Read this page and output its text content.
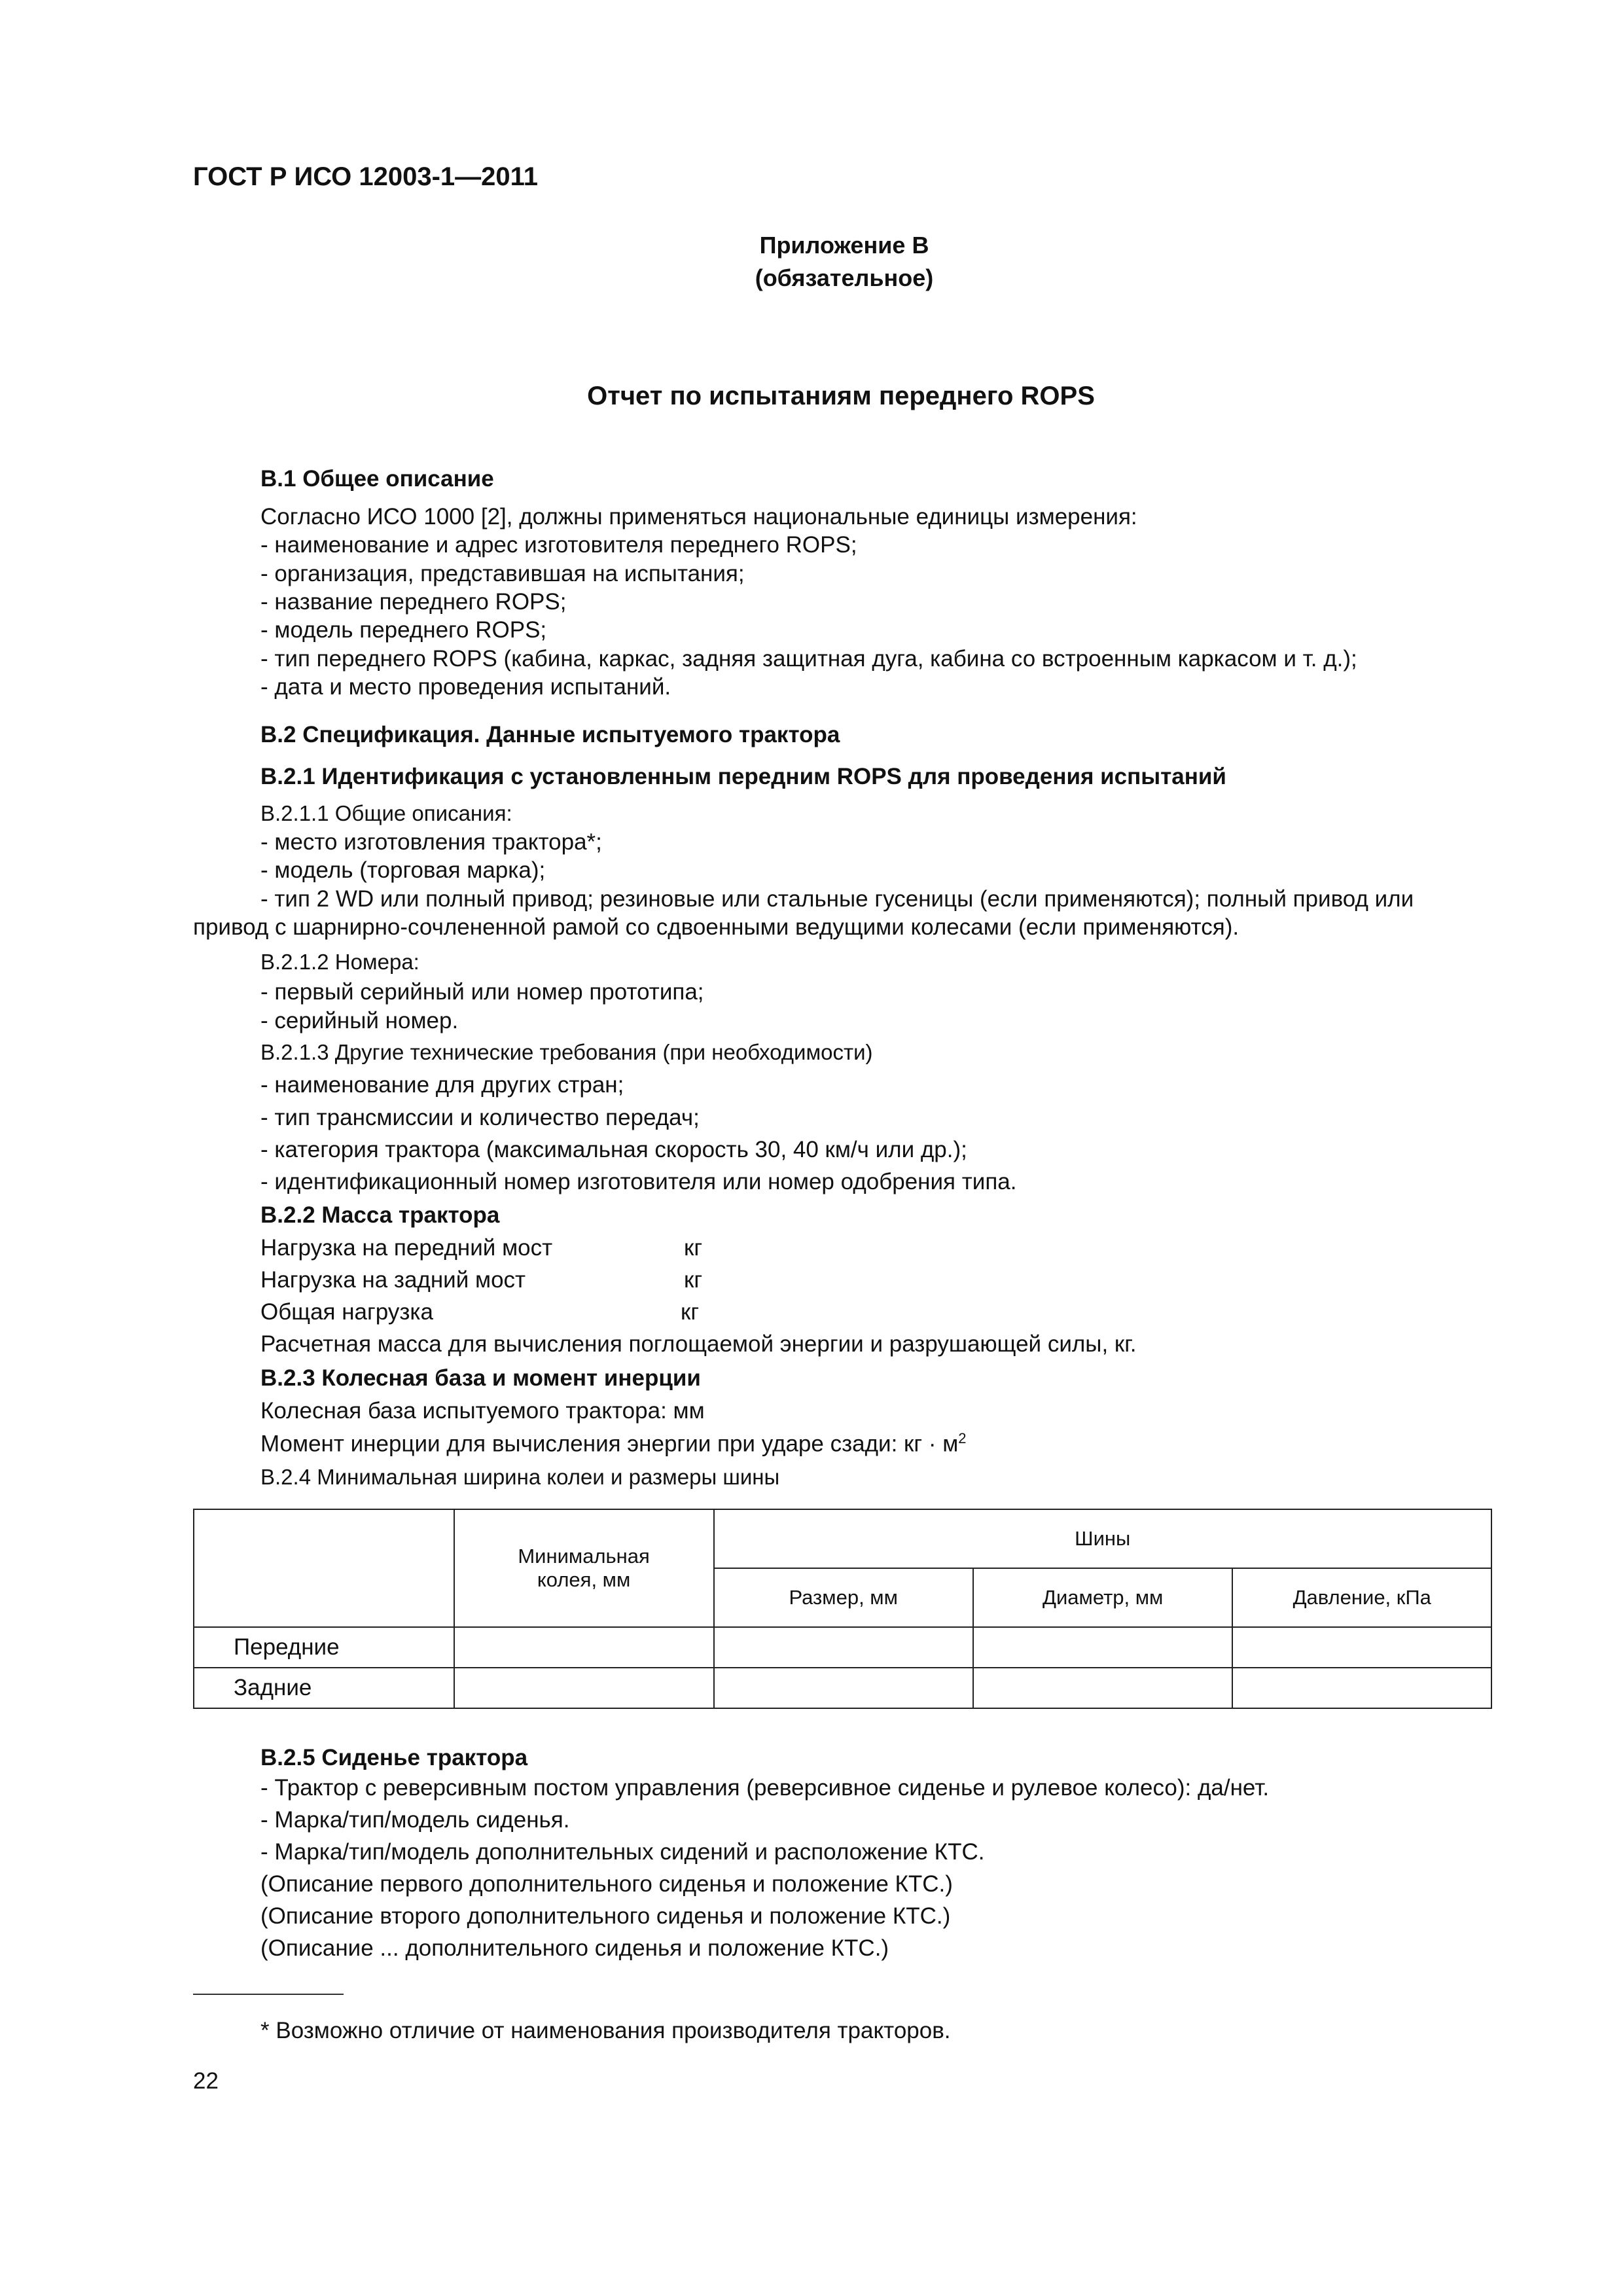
ГОСТ Р ИСО 12003-1—2011
Приложение В
(обязательное)
Отчет по испытаниям переднего ROPS
В.1 Общее описание
Согласно ИСО 1000 [2], должны применяться национальные единицы измерения:
- наименование и адрес изготовителя переднего ROPS;
- организация, представившая на испытания;
- название переднего ROPS;
- модель переднего ROPS;
- тип переднего ROPS (кабина, каркас, задняя защитная дуга, кабина со встроенным каркасом и т. д.);
- дата и место проведения испытаний.
В.2 Спецификация. Данные испытуемого трактора
В.2.1 Идентификация с установленным передним ROPS для проведения испытаний
В.2.1.1 Общие описания:
- место изготовления трактора*;
- модель (торговая марка);
- тип 2 WD или полный привод; резиновые или стальные гусеницы (если применяются); полный привод или
привод с шарнирно-сочлененной рамой со сдвоенными ведущими колесами (если применяются).
В.2.1.2 Номера:
- первый серийный или номер прототипа;
- серийный номер.
В.2.1.3 Другие технические требования (при необходимости)
- наименование для других стран;
- тип трансмиссии и количество передач;
- категория трактора (максимальная скорость 30, 40 км/ч или др.);
- идентификационный номер изготовителя или номер одобрения типа.
В.2.2 Масса трактора
Нагрузка на передний мост	кг
Нагрузка на задний мост	кг
Общая нагрузка	кг
Расчетная масса для вычисления поглощаемой энергии и разрушающей силы, кг.
В.2.3 Колесная база и момент инерции
Колесная база испытуемого трактора: мм
Момент инерции для вычисления энергии при ударе сзади: кг · $м^2$
В.2.4 Минимальная ширина колеи и размеры шины
	Минимальная колея, мм	Шины		
		Размер, мм	Диаметр, мм	Давление, кПа
Передние				
Задние				
В.2.5 Сиденье трактора
- Трактор с реверсивным постом управления (реверсивное сиденье и рулевое колесо): да/нет.
- Марка/тип/модель сиденья.
- Марка/тип/модель дополнительных сидений и расположение КТС.
(Описание первого дополнительного сиденья и положение КТС.)
(Описание второго дополнительного сиденья и положение КТС.)
(Описание ... дополнительного сиденья и положение КТС.)
* Возможно отличие от наименования производителя тракторов.
22
